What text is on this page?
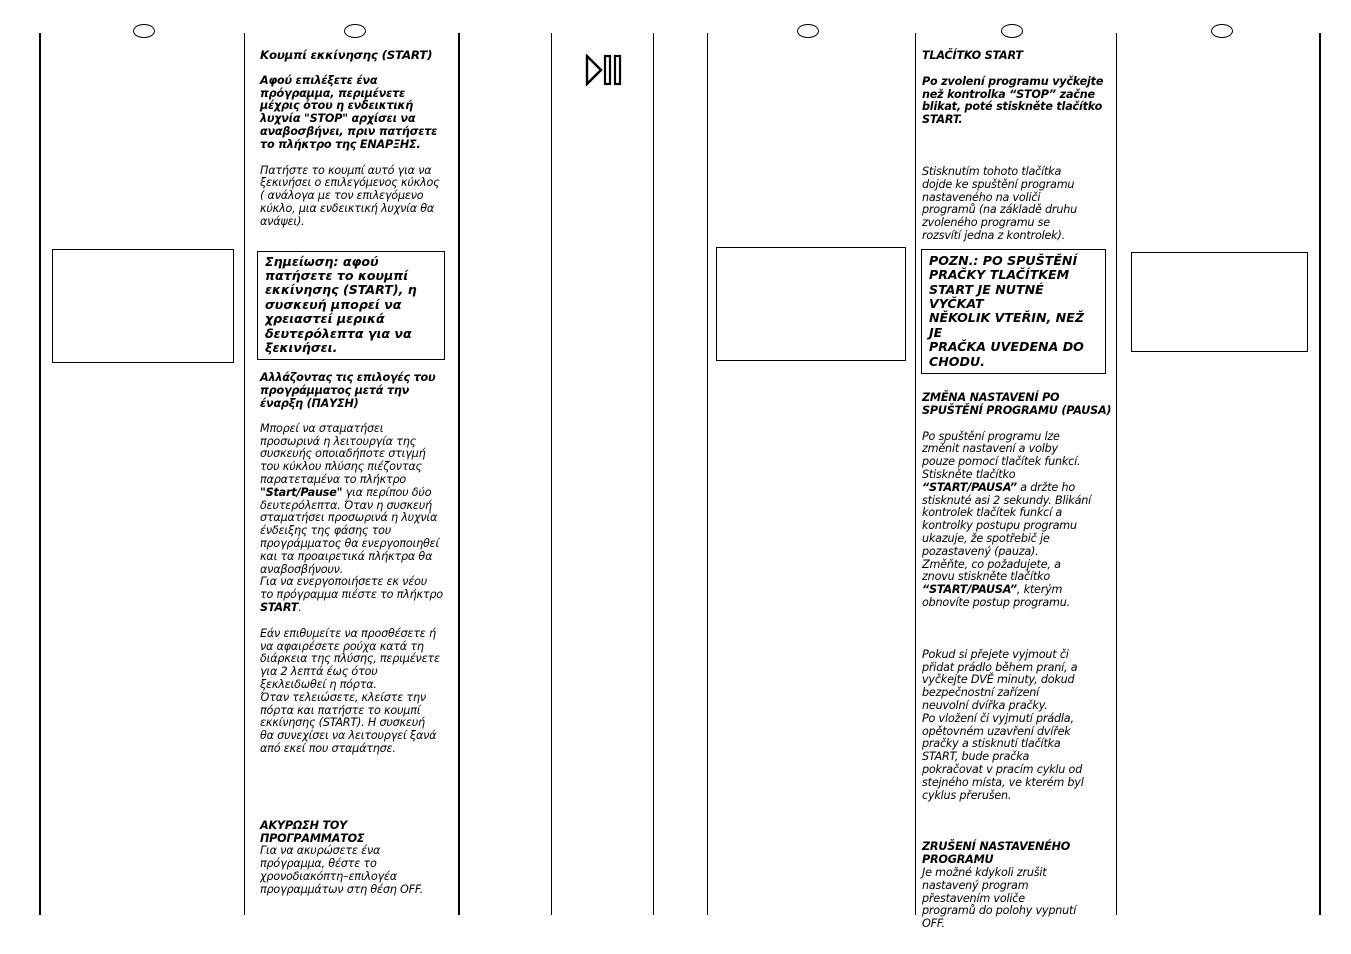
Κουμπί εκκίνησης (START)

Αφού επιλέξετε ένα
πρόγραμμα, περιμένετε
μέχρις ότου η ενδεικτική
λυχνία "STOP" αρχίσει να
αναβοσβήνει, πριν πατήσετε
το πλήκτρο της ΕΝΑΡΞΗΣ.

Πατήστε το κουμπί αυτό για να
ξεκινήσει ο επιλεγόμενος κύκλος
( ανάλογα με τον επιλεγόμενο
κύκλο, μια ενδεικτική λυχνία θα
ανάψει).

Σημείωση: αφού
πατήσετε το κουμπί
εκκίνησης (START), η
συσκευή μπορεί να
χρειαστεί μερικά
δευτερόλεπτα για να
ξεκινήσει.

Αλλάζοντας τις επιλογές του
προγράμματος μετά την
έναρξη (ΠΑΥΣΗ)

Μπορεί να σταματήσει
προσωρινά η λειτουργία της
συσκευής οποιαδήποτε στιγμή
του κύκλου πλύσης πιέζοντας
παρατεταμένα το πλήκτρο
"Start/Pause" για περίπου δύο
δευτερόλεπτα. Όταν η συσκευή
σταματήσει προσωρινά η λυχνία
ένδειξης της φάσης του
προγράμματος θα ενεργοποιηθεί
και τα προαιρετικά πλήκτρα θα
αναβοσβήνουν.
Για να ενεργοποιήσετε εκ νέου
το πρόγραμμα πιέστε το πλήκτρο
START.

Εάν επιθυμείτε να προσθέσετε ή
να αφαιρέσετε ρούχα κατά τη
διάρκεια της πλύσης, περιμένετε
για 2 λεπτά έως ότου
ξεκλειδωθεί η πόρτα.
Όταν τελειώσετε, κλείστε την
πόρτα και πατήστε το κουμπί
εκκίνησης (START). Η συσκευή
θα συνεχίσει να λειτουργεί ξανά
από εκεί που σταμάτησε.

ΑΚΥΡΩΣΗ ΤΟΥ
ΠΡΟΓΡΑΜΜΑΤΟΣ

Για να ακυρώσετε ένα
πρόγραμμα, θέστε το
χρονοδιακόπτη–επιλογέα
προγραμμάτων στη θέση OFF.

TLAČÍTKO START

Po zvolení programu vyčkejte
než kontrolka “STOP” začne
blikat, poté stiskněte tlačítko
START.

Stisknutím tohoto tlačítka
dojde ke spuštění programu
nastaveného na voliči
programů (na základě druhu
zvoleného programu se
rozsvítí jedna z kontrolek).

POZN.: PO SPUŠTĚNÍ
PRAČKY TLAČÍTKEM
START JE NUTNÉ VYČKAT
NĚKOLIK VTEŘIN, NEŽ JE
PRAČKA UVEDENA DO
CHODU.

ZMĚNA NASTAVENÍ PO
SPUŠTĚNÍ PROGRAMU (PAUSA)

Po spuštění programu lze
změnit nastavení a volby
pouze pomocí tlačítek funkcí.
Stiskněte tlačítko
“START/PAUSA” a držte ho
stisknuté asi 2 sekundy. Blikání
kontrolek tlačítek funkcí a
kontrolky postupu programu
ukazuje, že spotřebič je
pozastavený (pauza).
Změňte, co požadujete, a
znovu stiskněte tlačítko
“START/PAUSA”, kterým
obnovíte postup programu.

Pokud si přejete vyjmout či
přidat prádlo během praní, a
vyčkejte DVĚ minuty, dokud
bezpečnostní zařízení
neuvolní dvířka pračky.
Po vložení či vyjmutí prádla,
opětovném uzavření dvířek
pračky a stisknutí tlačítka
START, bude pračka
pokračovat v pracím cyklu od
stejného místa, ve kterém byl
cyklus přerušen.

ZRUŠENÍ NASTAVENÉHO
PROGRAMU

Je možné kdykoli zrušit
nastavený program
přestavením voliče
programů do polohy vypnutí
OFF.
